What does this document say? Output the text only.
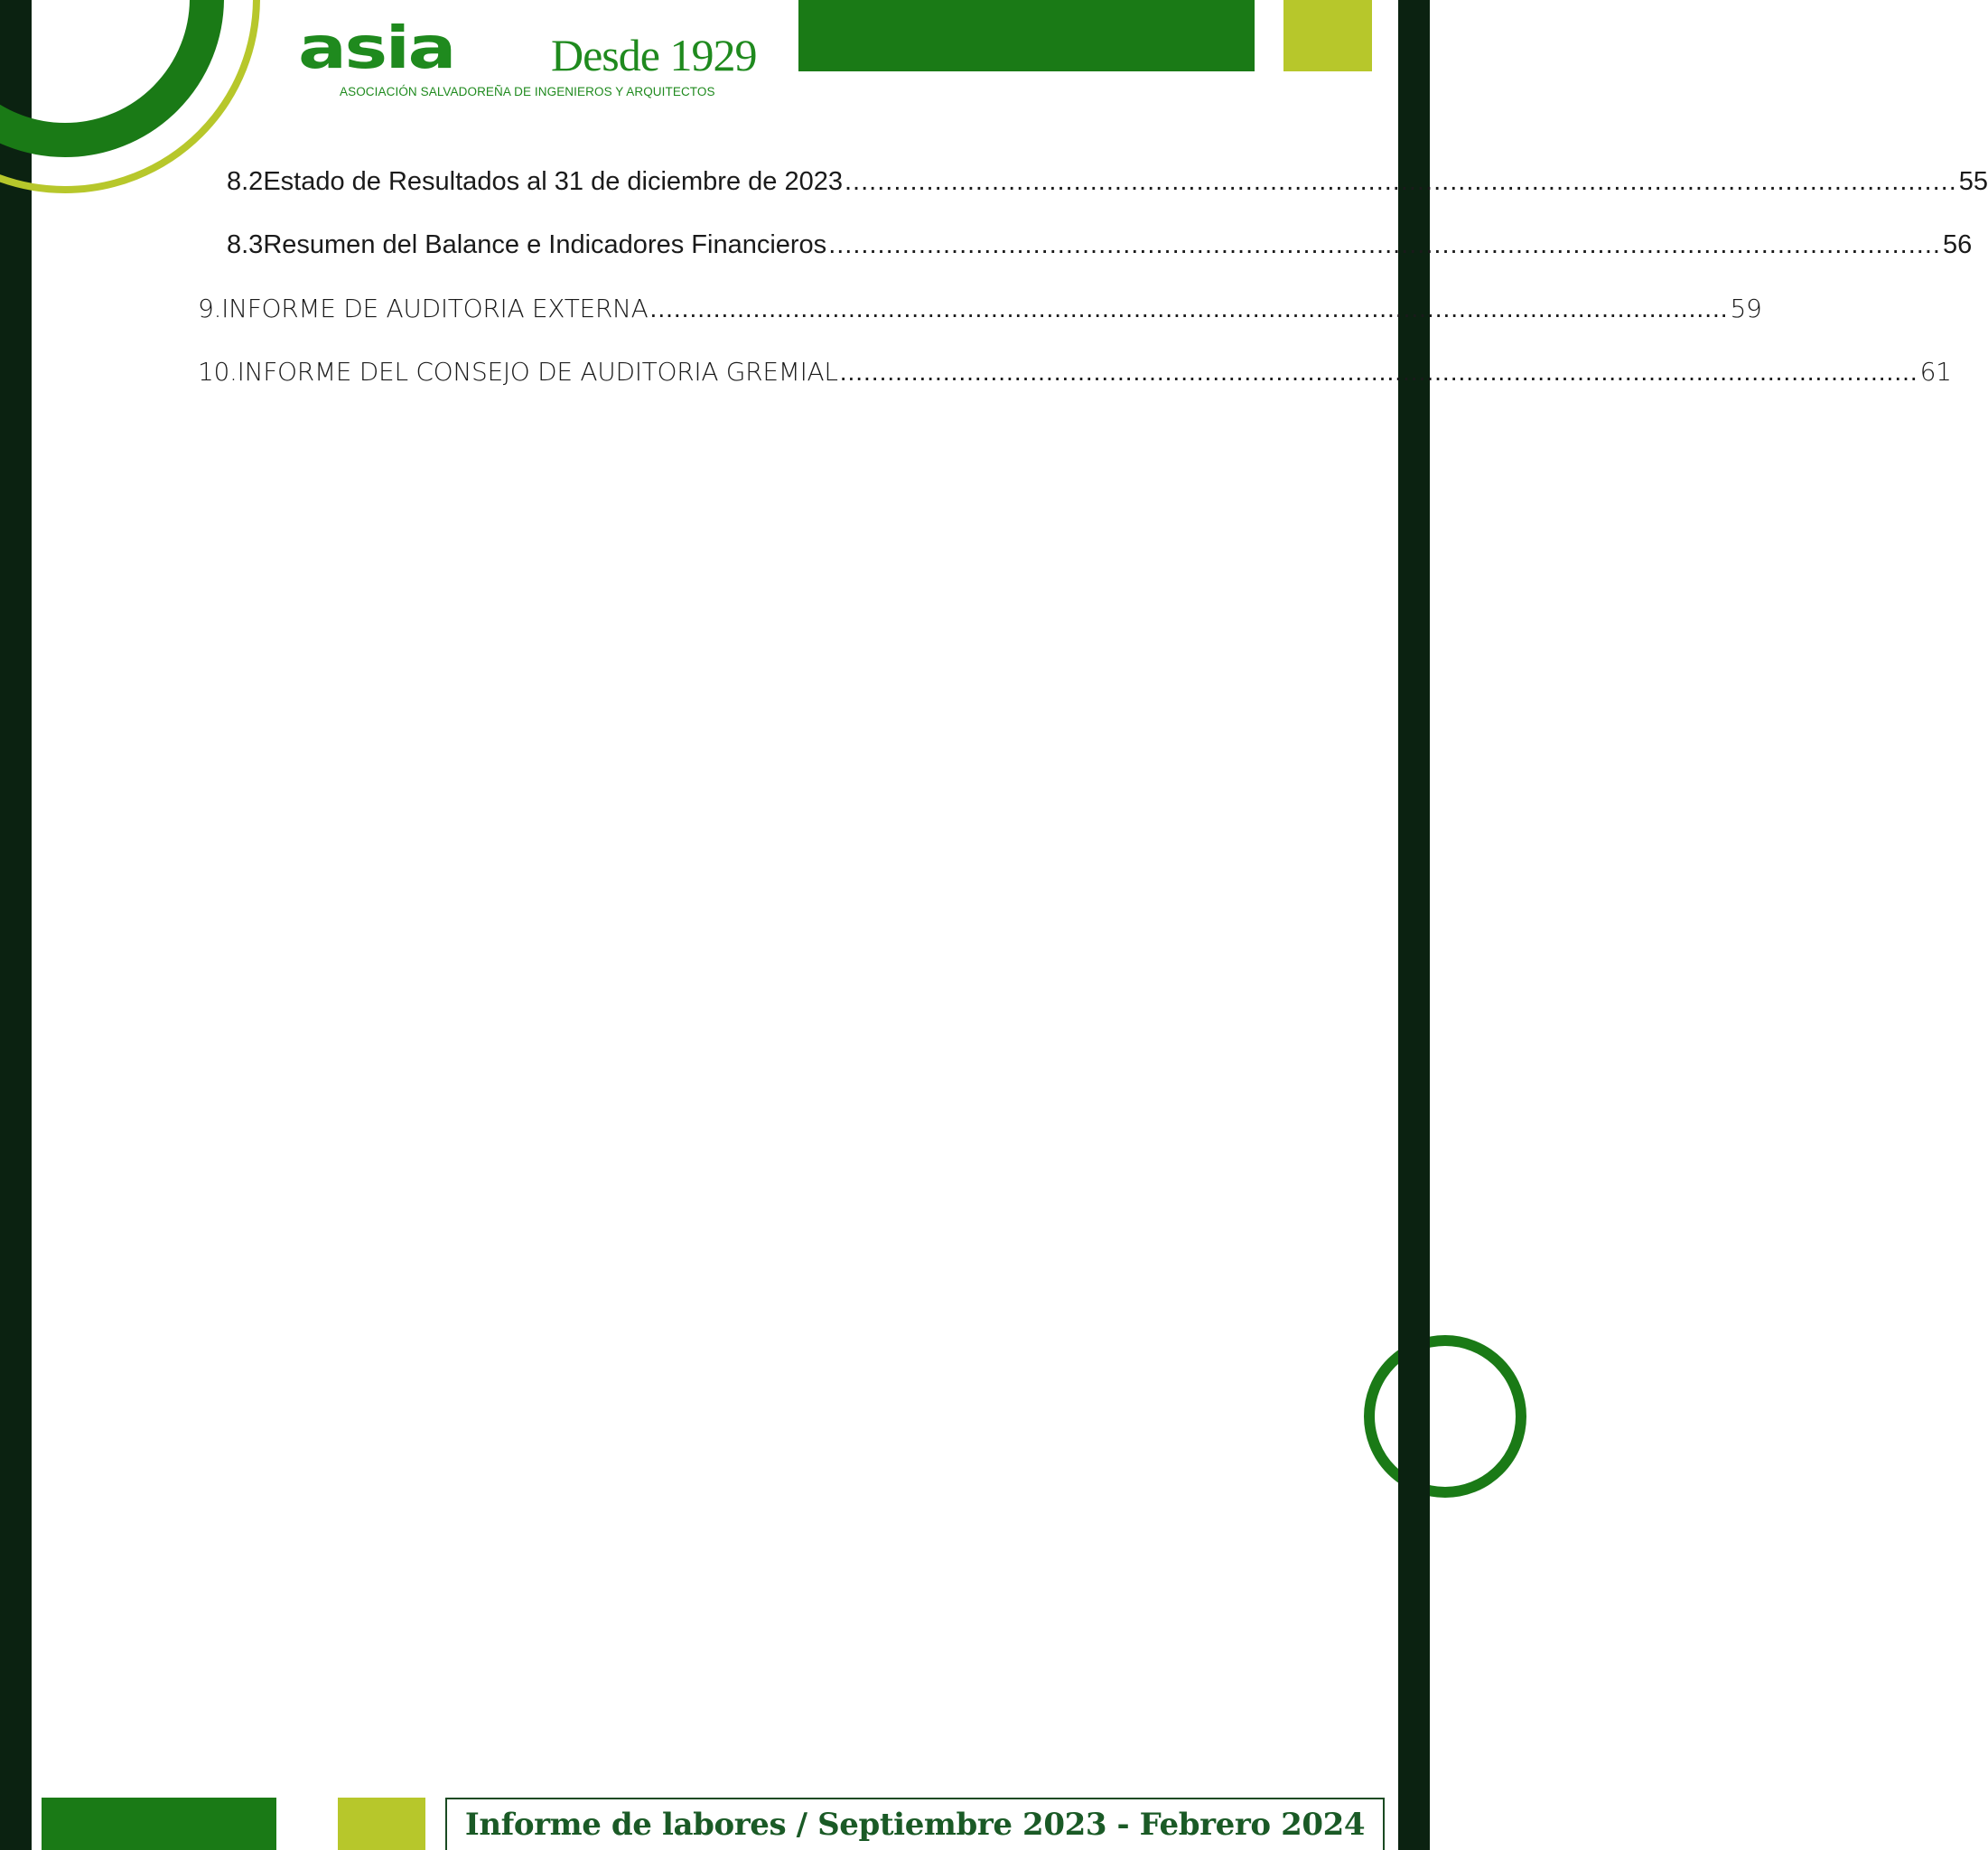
asia Desde 1929
ASOCIACIÓN SALVADOREÑA DE INGENIEROS Y ARQUITECTOS
8.2 Estado de Resultados al 31 de diciembre de 2023 ........................................................................................................................................ 55
8.3 Resumen del Balance e Indicadores Financieros ........................................................................................................................................ 56
9. INFORME DE AUDITORIA EXTERNA ........................................................................................................................................ 59
10. INFORME DEL CONSEJO DE AUDITORIA GREMIAL ........................................................................................................................................ 61
Informe de labores / Septiembre 2023 - Febrero 2024
